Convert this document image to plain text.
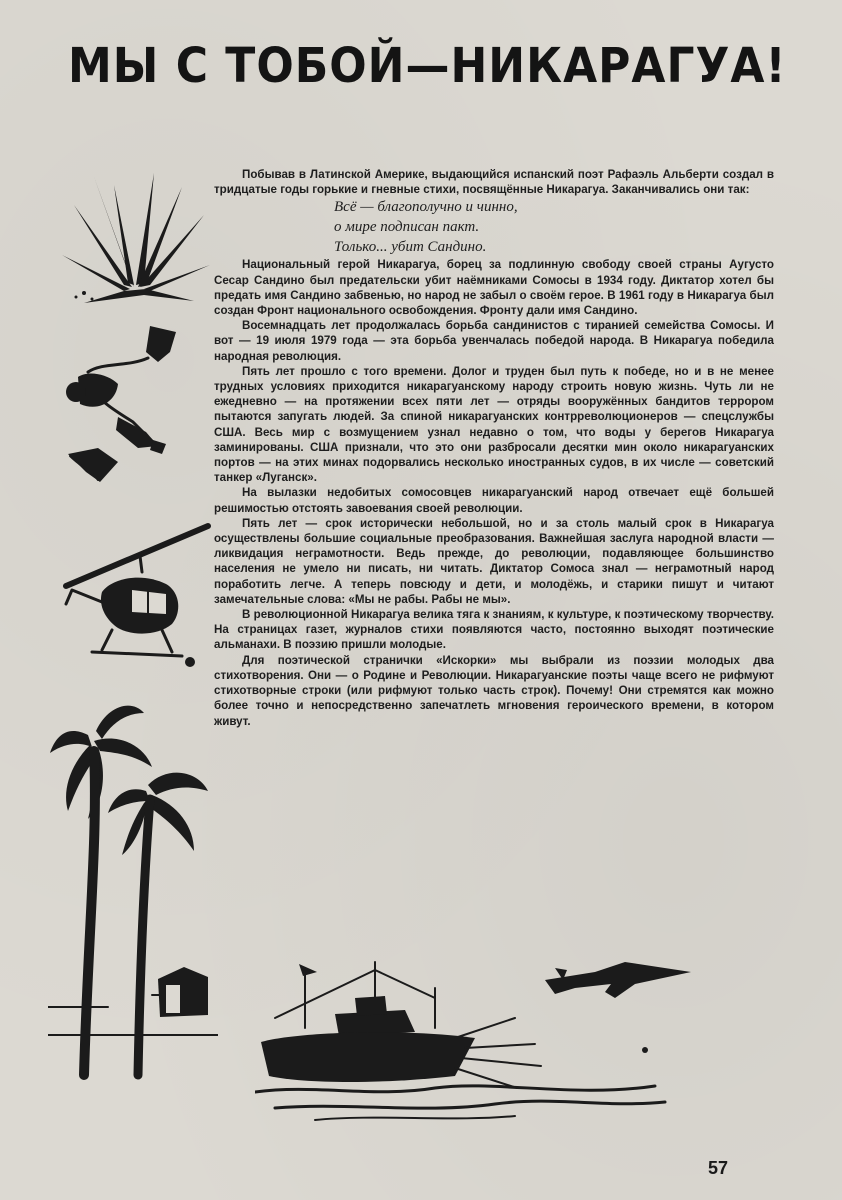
МЫ С ТОБОЙ—НИКАРАГУА!

Побывав в Латинской Америке, выдающийся испанский поэт Рафаэль Альберти создал в тридцатые годы горькие и гневные стихи, посвящённые Никарагуа. Заканчивались они так:

Всё — благополучно и чинно,
о мире подписан пакт.
Только... убит Сандино.

Национальный герой Никарагуа, борец за подлинную свободу своей страны Аугусто Сесар Сандино был предательски убит наёмниками Сомосы в 1934 году. Диктатор хотел бы предать имя Сандино забвенью, но народ не забыл о своём герое. В 1961 году в Никарагуа был создан Фронт национального освобождения. Фронту дали имя Сандино.

Восемнадцать лет продолжалась борьба сандинистов с тиранией семейства Сомосы. И вот — 19 июля 1979 года — эта борьба увенчалась победой народа. В Никарагуа победила народная революция.

Пять лет прошло с того времени. Долог и труден был путь к победе, но и в не менее трудных условиях приходится никарагуанскому народу строить новую жизнь. Чуть ли не ежедневно — на протяжении всех пяти лет — отряды вооружённых бандитов террором пытаются запугать людей. За спиной никарагуанских контрреволюционеров — спецслужбы США. Весь мир с возмущением узнал недавно о том, что воды у берегов Никарагуа заминированы. США признали, что это они разбросали десятки мин около никарагуанских портов — на этих минах подорвались несколько иностранных судов, в их числе — советский танкер «Луганск».

На вылазки недобитых сомосовцев никарагуанский народ отвечает ещё большей решимостью отстоять завоевания своей революции.

Пять лет — срок исторически небольшой, но и за столь малый срок в Никарагуа осуществлены большие социальные преобразования. Важнейшая заслуга народной власти — ликвидация неграмотности. Ведь прежде, до революции, подавляющее большинство населения не умело ни писать, ни читать. Диктатор Сомоса знал — неграмотный народ поработить легче. А теперь повсюду и дети, и молодёжь, и старики пишут и читают замечательные слова: «Мы не рабы. Рабы не мы».

В революционной Никарагуа велика тяга к знаниям, к культуре, к поэтическому творчеству. На страницах газет, журналов стихи появляются часто, постоянно выходят поэтические альманахи. В поэзию пришли молодые.

Для поэтической странички «Искорки» мы выбрали из поэзии молодых два стихотворения. Они — о Родине и Революции. Никарагуанские поэты чаще всего не рифмуют стихотворные строки (или рифмуют только часть строк). Почему! Они стремятся как можно более точно и непосредственно запечатлеть мгновения героического времени, в котором живут.

57
